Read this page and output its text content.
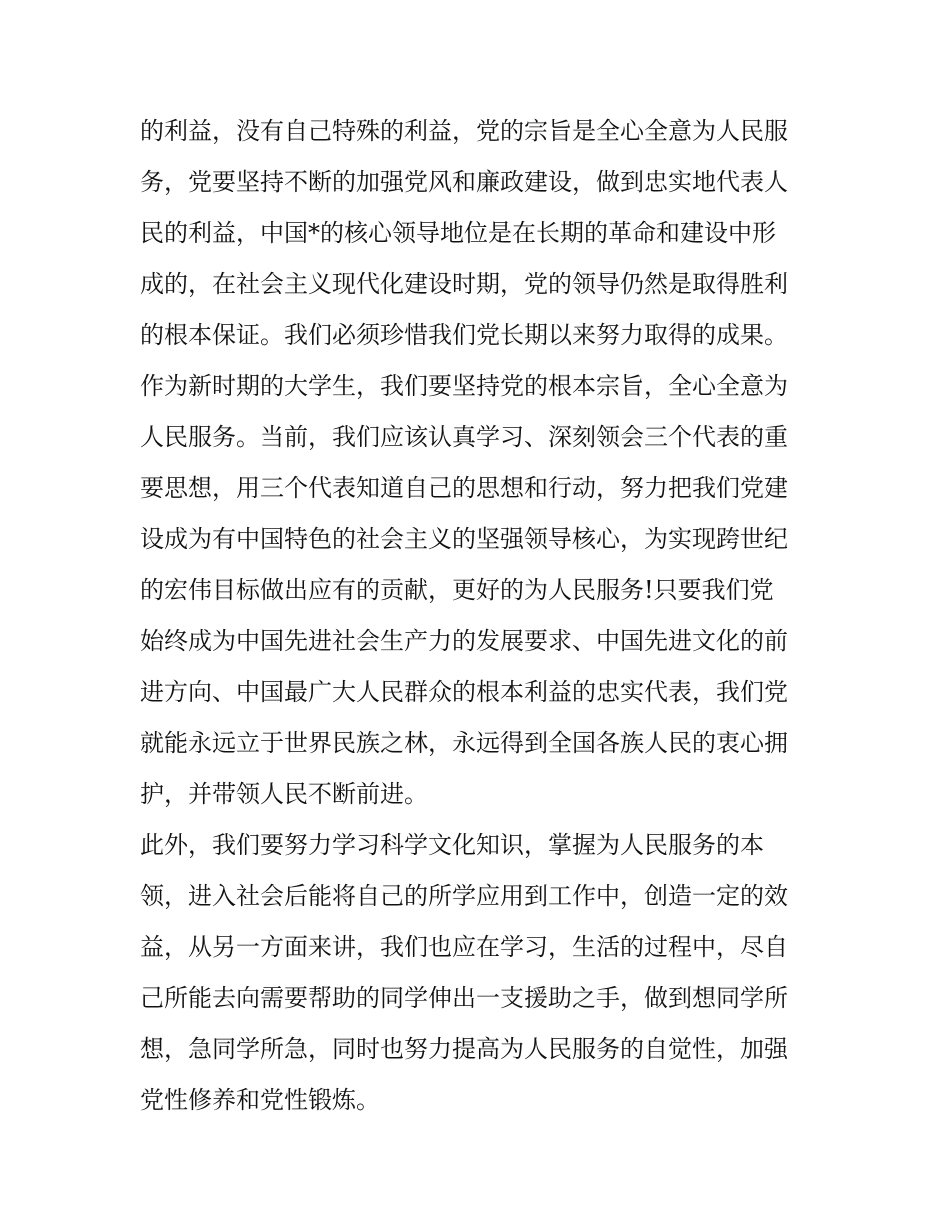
的利益，没有自己特殊的利益，党的宗旨是全心全意为人民服
务，党要坚持不断的加强党风和廉政建设，做到忠实地代表人
民的利益，中国*的核心领导地位是在长期的革命和建设中形
成的，在社会主义现代化建设时期，党的领导仍然是取得胜利
的根本保证。我们必须珍惜我们党长期以来努力取得的成果。
作为新时期的大学生，我们要坚持党的根本宗旨，全心全意为
人民服务。当前，我们应该认真学习、深刻领会三个代表的重
要思想，用三个代表知道自己的思想和行动，努力把我们党建
设成为有中国特色的社会主义的坚强领导核心，为实现跨世纪
的宏伟目标做出应有的贡献，更好的为人民服务!只要我们党
始终成为中国先进社会生产力的发展要求、中国先进文化的前
进方向、中国最广大人民群众的根本利益的忠实代表，我们党
就能永远立于世界民族之林，永远得到全国各族人民的衷心拥
护，并带领人民不断前进。
此外，我们要努力学习科学文化知识，掌握为人民服务的本
领，进入社会后能将自己的所学应用到工作中，创造一定的效
益，从另一方面来讲，我们也应在学习，生活的过程中，尽自
己所能去向需要帮助的同学伸出一支援助之手，做到想同学所
想，急同学所急，同时也努力提高为人民服务的自觉性，加强
党性修养和党性锻炼。
